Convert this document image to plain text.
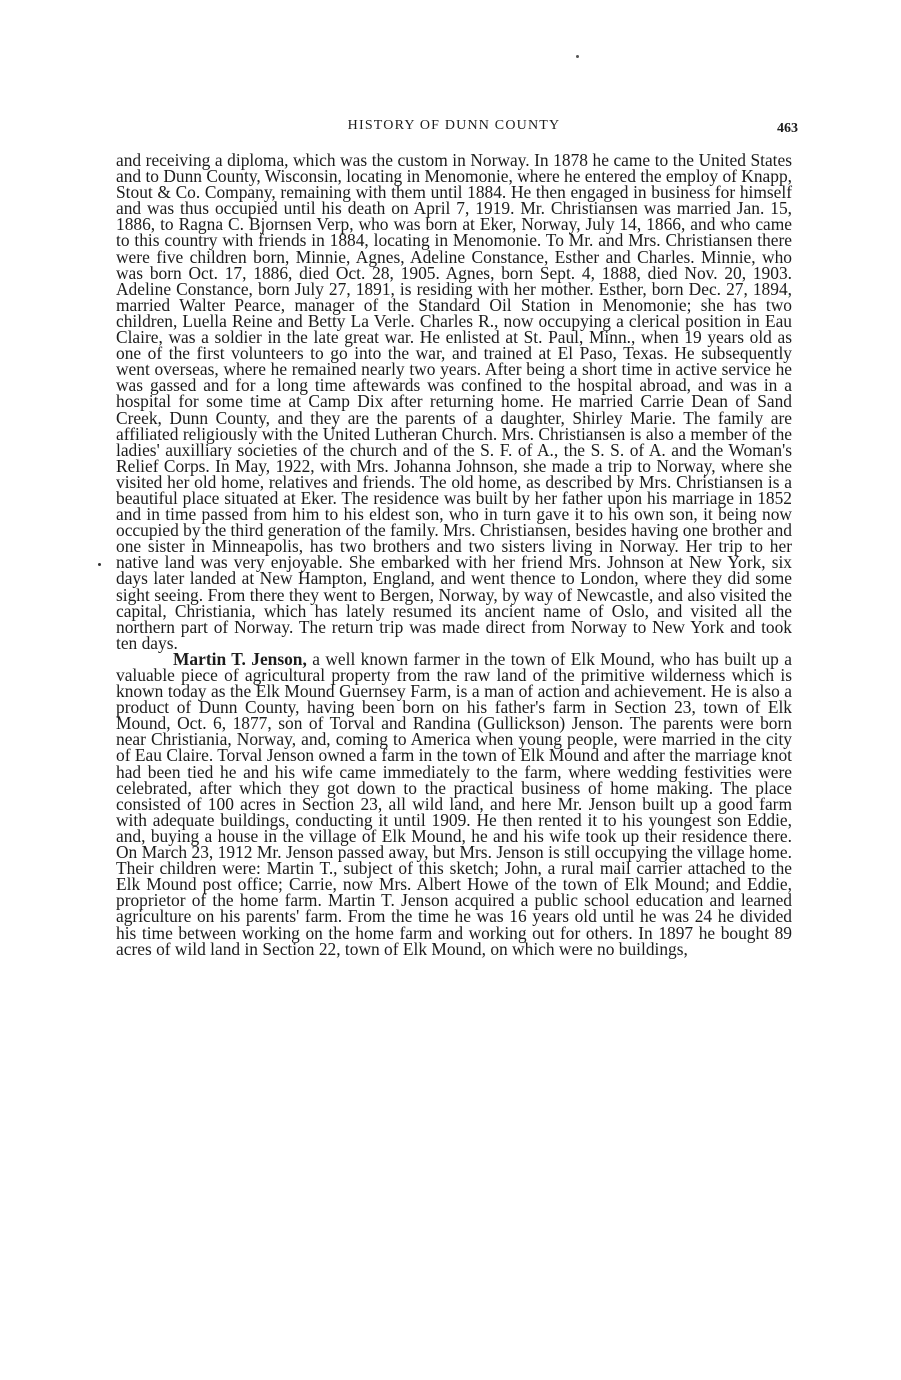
HISTORY OF DUNN COUNTY	463

and receiving a diploma, which was the custom in Norway. In 1878 he came to the United States and to Dunn County, Wisconsin, locating in Menomonie, where he entered the employ of Knapp, Stout & Co. Company, remaining with them until 1884. He then engaged in business for himself and was thus occupied until his death on April 7, 1919. Mr. Christiansen was married Jan. 15, 1886, to Ragna C. Bjornsen Verp, who was born at Eker, Norway, July 14, 1866, and who came to this country with friends in 1884, locating in Menomonie. To Mr. and Mrs. Christiansen there were five children born, Minnie, Agnes, Adeline Constance, Esther and Charles. Minnie, who was born Oct. 17, 1886, died Oct. 28, 1905. Agnes, born Sept. 4, 1888, died Nov. 20, 1903. Adeline Constance, born July 27, 1891, is residing with her mother. Esther, born Dec. 27, 1894, married Walter Pearce, manager of the Standard Oil Station in Menomonie; she has two children, Luella Reine and Betty La Verle. Charles R., now occupying a clerical position in Eau Claire, was a soldier in the late great war. He enlisted at St. Paul, Minn., when 19 years old as one of the first volunteers to go into the war, and trained at El Paso, Texas. He subsequently went overseas, where he remained nearly two years. After being a short time in active service he was gassed and for a long time aftewards was confined to the hospital abroad, and was in a hospital for some time at Camp Dix after returning home. He married Carrie Dean of Sand Creek, Dunn County, and they are the parents of a daughter, Shirley Marie. The family are affiliated religiously with the United Lutheran Church. Mrs. Christiansen is also a member of the ladies' auxilliary societies of the church and of the S. F. of A., the S. S. of A. and the Woman's Relief Corps. In May, 1922, with Mrs. Johanna Johnson, she made a trip to Norway, where she visited her old home, relatives and friends. The old home, as described by Mrs. Christiansen is a beautiful place situated at Eker. The residence was built by her father upon his marriage in 1852 and in time passed from him to his eldest son, who in turn gave it to his own son, it being now occupied by the third generation of the family. Mrs. Christiansen, besides having one brother and one sister in Minneapolis, has two brothers and two sisters living in Norway. Her trip to her native land was very enjoyable. She embarked with her friend Mrs. Johnson at New York, six days later landed at New Hampton, England, and went thence to London, where they did some sight seeing. From there they went to Bergen, Norway, by way of Newcastle, and also visited the capital, Christiania, which has lately resumed its ancient name of Oslo, and visited all the northern part of Norway. The return trip was made direct from Norway to New York and took ten days.

Martin T. Jenson, a well known farmer in the town of Elk Mound, who has built up a valuable piece of agricultural property from the raw land of the primitive wilderness which is known today as the Elk Mound Guernsey Farm, is a man of action and achievement. He is also a product of Dunn County, having been born on his father's farm in Section 23, town of Elk Mound, Oct. 6, 1877, son of Torval and Randina (Gullickson) Jenson. The parents were born near Christiania, Norway, and, coming to America when young people, were married in the city of Eau Claire. Torval Jenson owned a farm in the town of Elk Mound and after the marriage knot had been tied he and his wife came immediately to the farm, where wedding festivities were celebrated, after which they got down to the practical business of home making. The place consisted of 100 acres in Section 23, all wild land, and here Mr. Jenson built up a good farm with adequate buildings, conducting it until 1909. He then rented it to his youngest son Eddie, and, buying a house in the village of Elk Mound, he and his wife took up their residence there. On March 23, 1912 Mr. Jenson passed away, but Mrs. Jenson is still occupying the village home. Their children were: Martin T., subject of this sketch; John, a rural mail carrier attached to the Elk Mound post office; Carrie, now Mrs. Albert Howe of the town of Elk Mound; and Eddie, proprietor of the home farm. Martin T. Jenson acquired a public school education and learned agriculture on his parents' farm. From the time he was 16 years old until he was 24 he divided his time between working on the home farm and working out for others. In 1897 he bought 89 acres of wild land in Section 22, town of Elk Mound, on which were no buildings,
